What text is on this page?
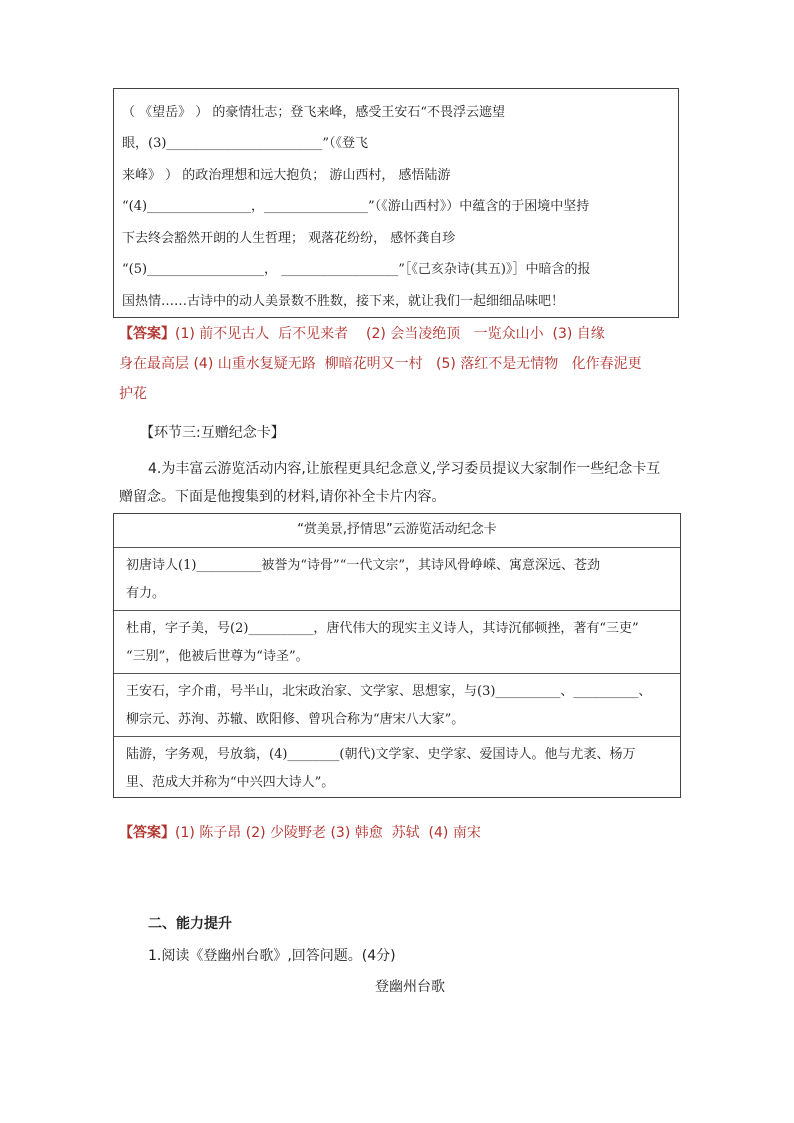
（ 《望岳》 ） 的豪情壮志；登飞来峰，感受王安石“不畏浮云遮望
眼，(3)________________________”（《登飞
来峰》 ） 的政治理想和远大抱负； 游山西村， 感悟陆游
“(4)________________，________________”（《游山西村》）中蕴含的于困境中坚持
下去终会豁然开朗的人生哲理； 观落花纷纷， 感怀龚自珍
“(5)__________________， __________________”［《己亥杂诗(其五)》］中暗含的报
国热情……古诗中的动人美景数不胜数，接下来，就让我们一起细细品味吧！
【答案】(1) 前不见古人  后不见来者    (2) 会当凌绝顶   一览众山小  (3) 自缘
身在最高层 (4) 山重水复疑无路  柳暗花明又一村   (5) 落红不是无情物   化作春泥更
护花
【环节三:互赠纪念卡】
4.为丰富云游览活动内容,让旅程更具纪念意义,学习委员提议大家制作一些纪念卡互
赠留念。下面是他搜集到的材料,请你补全卡片内容。
“赏美景,抒情思”云游览活动纪念卡
初唐诗人(1)__________被誉为“诗骨”“一代文宗”，其诗风骨峥嵘、寓意深远、苍劲
有力。
杜甫，字子美，号(2)__________，唐代伟大的现实主义诗人，其诗沉郁顿挫，著有“三吏”
“三别”，他被后世尊为“诗圣”。
王安石，字介甫，号半山，北宋政治家、文学家、思想家，与(3)__________、__________、
柳宗元、苏洵、苏辙、欧阳修、曾巩合称为“唐宋八大家”。
陆游，字务观，号放翁，(4)________(朝代)文学家、史学家、爱国诗人。他与尤袤、杨万
里、范成大并称为“中兴四大诗人”。
【答案】(1) 陈子昂 (2) 少陵野老 (3) 韩愈  苏轼  (4) 南宋
二、能力提升
1.阅读《登幽州台歌》,回答问题。(4分)
登幽州台歌
